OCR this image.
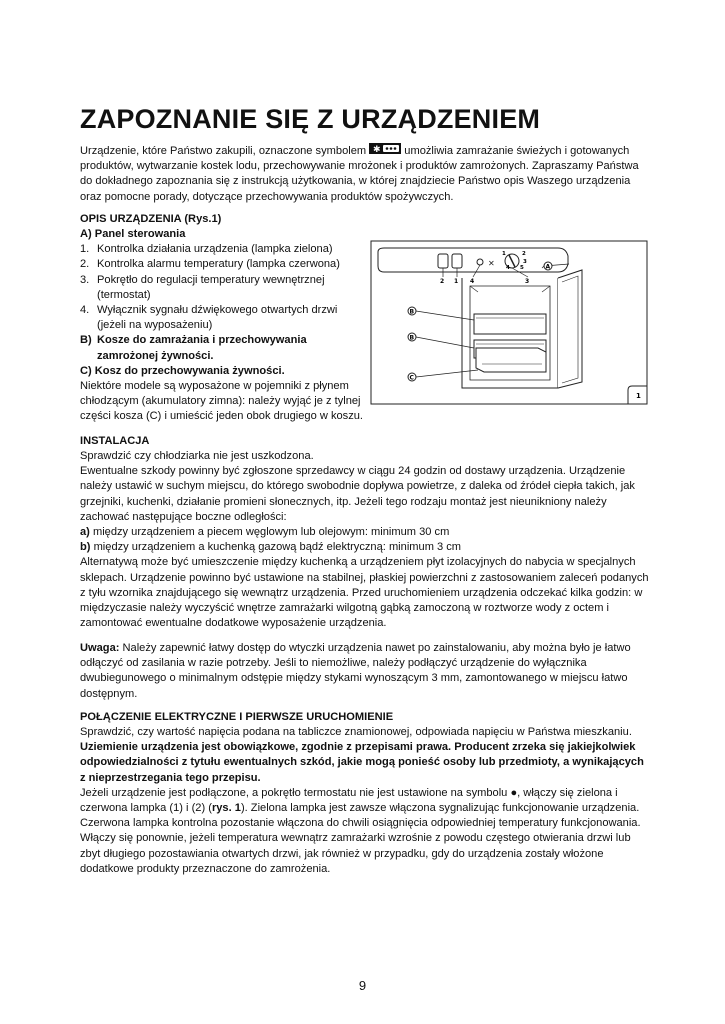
ZAPOZNANIE SIĘ Z URZĄDZENIEM

Urządzenie, które Państwo zakupili, oznaczone symbolem ✱ umożliwia zamrażanie świeżych i gotowanych produktów, wytwarzanie kostek lodu, przechowywanie mrożonek i produktów zamrożonych. Zapraszamy Państwa do dokładnego zapoznania się z instrukcją użytkowania, w której znajdziecie Państwo opis Waszego urządzenia oraz pomocne porady, dotyczące przechowywania produktów spożywczych.

OPIS URZĄDZENIA (Rys.1)

A) Panel sterowania
1. Kontrolka działania urządzenia (lampka zielona)
2. Kontrolka alarmu temperatury (lampka czerwona)
3. Pokrętło do regulacji temperatury wewnętrznej (termostat)
4. Wyłącznik sygnału dźwiękowego otwartych drzwi (jeżeli na wyposażeniu)
B) Kosze do zamrażania i przechowywania zamrożonej żywności.
C) Kosz do przechowywania żywności.
Niektóre modele są wyposażone w pojemniki z płynem chłodzącym (akumulatory zimna): należy wyjąć je z tylnej części kosza (C) i umieścić jeden obok drugiego w koszu.
✕
1	2
3
4 5
2 1 4	3
B
B
C
A
1

INSTALACJA

Sprawdzić czy chłodziarka nie jest uszkodzona.
Ewentualne szkody powinny być zgłoszone sprzedawcy w ciągu 24 godzin od dostawy urządzenia. Urządzenie należy ustawić w suchym miejscu, do którego swobodnie dopływa powietrze, z daleka od źródeł ciepła takich, jak grzejniki, kuchenki, działanie promieni słonecznych, itp. Jeżeli tego rodzaju montaż jest nieunikniony należy zachować następujące boczne odległości:
a) między urządzeniem a piecem węglowym lub olejowym: minimum 30 cm
b) między urządzeniem a kuchenką gazową bądź elektryczną: minimum 3 cm
Alternatywą może być umieszczenie między kuchenką a urządzeniem płyt izolacyjnych do nabycia w specjalnych sklepach. Urządzenie powinno być ustawione na stabilnej, płaskiej powierzchni z zastosowaniem zaleceń podanych z tyłu wzornika znajdującego się wewnątrz urządzenia. Przed uruchomieniem urządzenia odczekać kilka godzin: w międzyczasie należy wyczyścić wnętrze zamrażarki wilgotną gąbką zamoczoną w roztworze wody z octem i zamontować ewentualne dodatkowe wyposażenie urządzenia.

Uwaga: Należy zapewnić łatwy dostęp do wtyczki urządzenia nawet po zainstalowaniu, aby można było je łatwo odłączyć od zasilania w razie potrzeby. Jeśli to niemożliwe, należy podłączyć urządzenie do wyłącznika dwubiegunowego o minimalnym odstępie między stykami wynoszącym 3 mm, zamontowanego w miejscu łatwo dostępnym.

POŁĄCZENIE ELEKTRYCZNE I PIERWSZE URUCHOMIENIE

Sprawdzić, czy wartość napięcia podana na tabliczce znamionowej, odpowiada napięciu w Państwa mieszkaniu.
Uziemienie urządzenia jest obowiązkowe, zgodnie z przepisami prawa. Producent zrzeka się jakiejkolwiek odpowiedzialności z tytułu ewentualnych szkód, jakie mogą ponieść osoby lub przedmioty, a wynikających z nieprzestrzegania tego przepisu.
Jeżeli urządzenie jest podłączone, a pokrętło termostatu nie jest ustawione na symbolu ●, włączy się zielona i czerwona lampka (1) i (2) (rys. 1). Zielona lampka jest zawsze włączona sygnalizując funkcjonowanie urządzenia. Czerwona lampka kontrolna pozostanie włączona do chwili osiągnięcia odpowiedniej temperatury funkcjonowania. Włączy się ponownie, jeżeli temperatura wewnątrz zamrażarki wzrośnie z powodu częstego otwierania drzwi lub zbyt długiego pozostawiania otwartych drzwi, jak również w przypadku, gdy do urządzenia zostały włożone dodatkowe produkty przeznaczone do zamrożenia.
9
